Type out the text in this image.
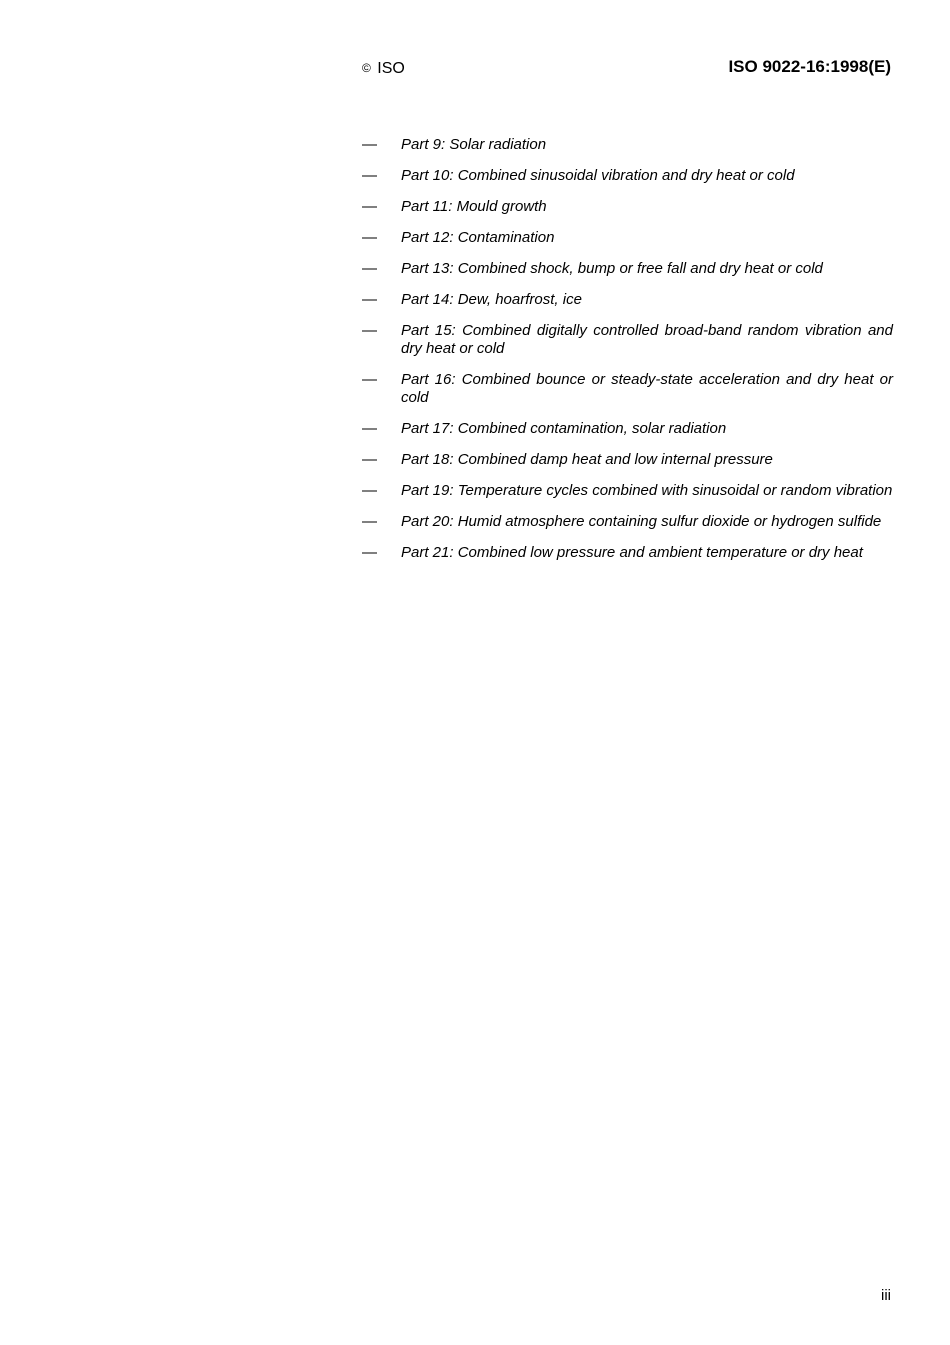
© ISO	ISO 9022-16:1998(E)
—	Part 9: Solar radiation
—	Part 10: Combined sinusoidal vibration and dry heat or cold
—	Part 11: Mould growth
—	Part 12: Contamination
—	Part 13: Combined shock, bump or free fall and dry heat or cold
—	Part 14: Dew, hoarfrost, ice
—	Part 15: Combined digitally controlled broad-band random vibration and dry heat or cold
—	Part 16: Combined bounce or steady-state acceleration and dry heat or cold
—	Part 17: Combined contamination, solar radiation
—	Part 18: Combined damp heat and low internal pressure
—	Part 19: Temperature cycles combined with sinusoidal or random vibration
—	Part 20: Humid atmosphere containing sulfur dioxide or hydrogen sulfide
—	Part 21: Combined low pressure and ambient temperature or dry heat
iii
